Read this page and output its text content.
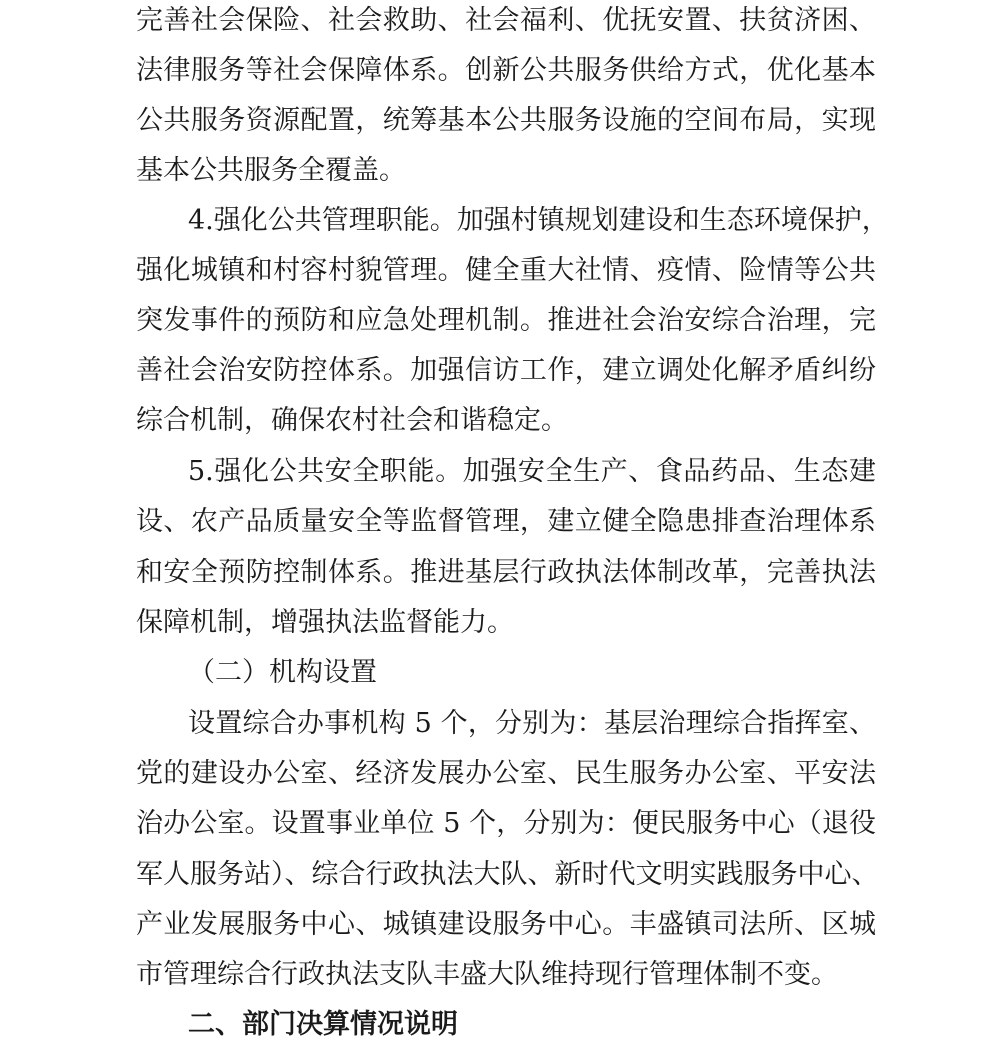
完善社会保险、社会救助、社会福利、优抚安置、扶贫济困、
法律服务等社会保障体系。创新公共服务供给方式，优化基本
公共服务资源配置，统筹基本公共服务设施的空间布局，实现
基本公共服务全覆盖。
4.强化公共管理职能。加强村镇规划建设和生态环境保护，
强化城镇和村容村貌管理。健全重大社情、疫情、险情等公共
突发事件的预防和应急处理机制。推进社会治安综合治理，完
善社会治安防控体系。加强信访工作，建立调处化解矛盾纠纷
综合机制，确保农村社会和谐稳定。
5.强化公共安全职能。加强安全生产、食品药品、生态建
设、农产品质量安全等监督管理，建立健全隐患排查治理体系
和安全预防控制体系。推进基层行政执法体制改革，完善执法
保障机制，增强执法监督能力。
（二）机构设置
设置综合办事机构 5 个，分别为：基层治理综合指挥室、
党的建设办公室、经济发展办公室、民生服务办公室、平安法
治办公室。设置事业单位 5 个，分别为：便民服务中心（退役
军人服务站）、综合行政执法大队、新时代文明实践服务中心、
产业发展服务中心、城镇建设服务中心。丰盛镇司法所、区城
市管理综合行政执法支队丰盛大队维持现行管理体制不变。
二、部门决算情况说明
